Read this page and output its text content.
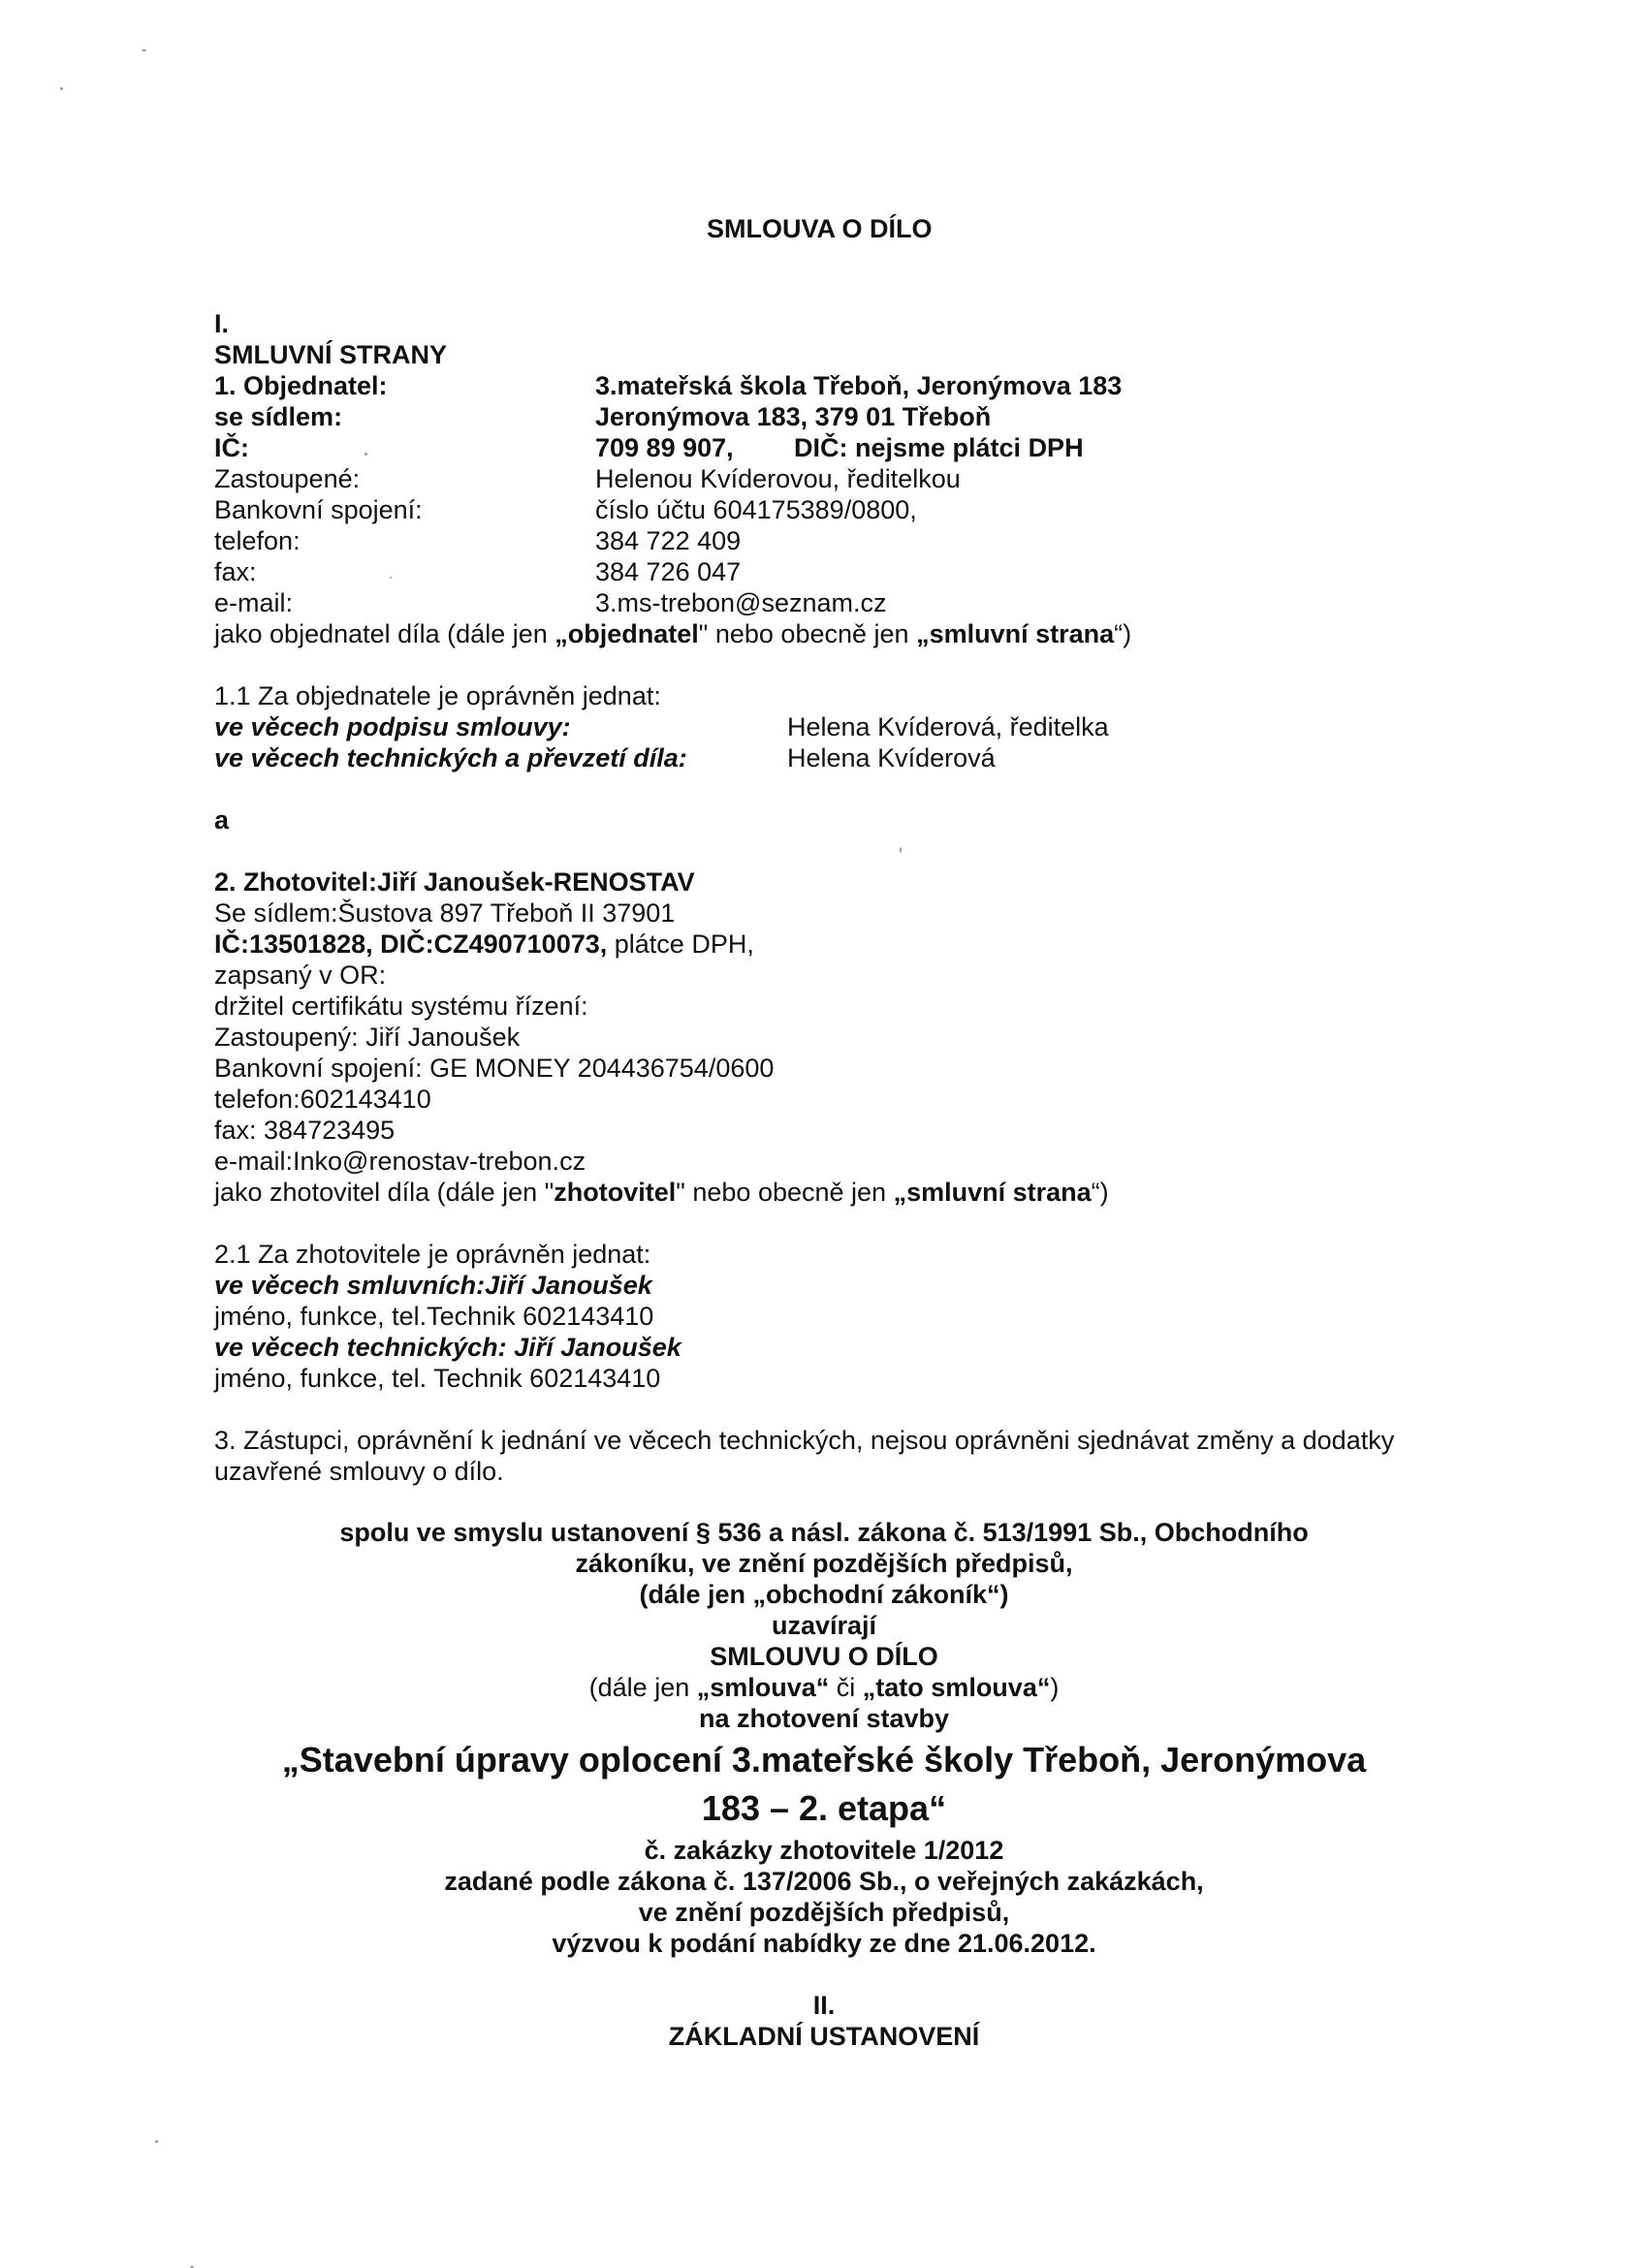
SMLOUVA O DÍLO
I.
SMLUVNÍ STRANY
1. Objednatel:	3.mateřská škola Třeboň, Jeronýmova 183
se sídlem:	Jeronýmova 183, 379 01 Třeboň
IČ:	709 89 907, DIČ: nejsme plátci DPH
Zastoupené:	Helenou Kvíderovou, ředitelkou
Bankovní spojení:	číslo účtu 604175389/0800,
telefon:	384 722 409
fax:	384 726 047
e-mail:	3.ms-trebon@seznam.cz
jako objednatel díla (dále jen „objednatel" nebo obecně jen „smluvní strana“)
1.1 Za objednatele je oprávněn jednat:
ve věcech podpisu smlouvy:	Helena Kvíderová, ředitelka
ve věcech technických a převzetí díla:	Helena Kvíderová
a
2. Zhotovitel:Jiří Janoušek-RENOSTAV
Se sídlem:Šustova 897 Třeboň II 37901
IČ:13501828, DIČ:CZ490710073, plátce DPH,
zapsaný v OR:
držitel certifikátu systému řízení:
Zastoupený: Jiří Janoušek
Bankovní spojení: GE MONEY 204436754/0600
telefon:602143410
fax: 384723495
e-mail:Inko@renostav-trebon.cz
jako zhotovitel díla (dále jen "zhotovitel" nebo obecně jen „smluvní strana“)
2.1 Za zhotovitele je oprávněn jednat:
ve věcech smluvních:Jiří Janoušek
jméno, funkce, tel.Technik 602143410
ve věcech technických: Jiří Janoušek
jméno, funkce, tel. Technik 602143410
3. Zástupci, oprávnění k jednání ve věcech technických, nejsou oprávněni sjednávat změny a dodatky
uzavřené smlouvy o dílo.
spolu ve smyslu ustanovení § 536 a násl. zákona č. 513/1991 Sb., Obchodního
zákoníku, ve znění pozdějších předpisů,
(dále jen „obchodní zákoník“)
uzavírají
SMLOUVU O DÍLO
(dále jen „smlouva“ či „tato smlouva“)
na zhotovení stavby
„Stavební úpravy oplocení 3.mateřské školy Třeboň, Jeronýmova
183 – 2. etapa“
č. zakázky zhotovitele 1/2012
zadané podle zákona č. 137/2006 Sb., o veřejných zakázkách,
ve znění pozdějších předpisů,
výzvou k podání nabídky ze dne 21.06.2012.
II.
ZÁKLADNÍ USTANOVENÍ
